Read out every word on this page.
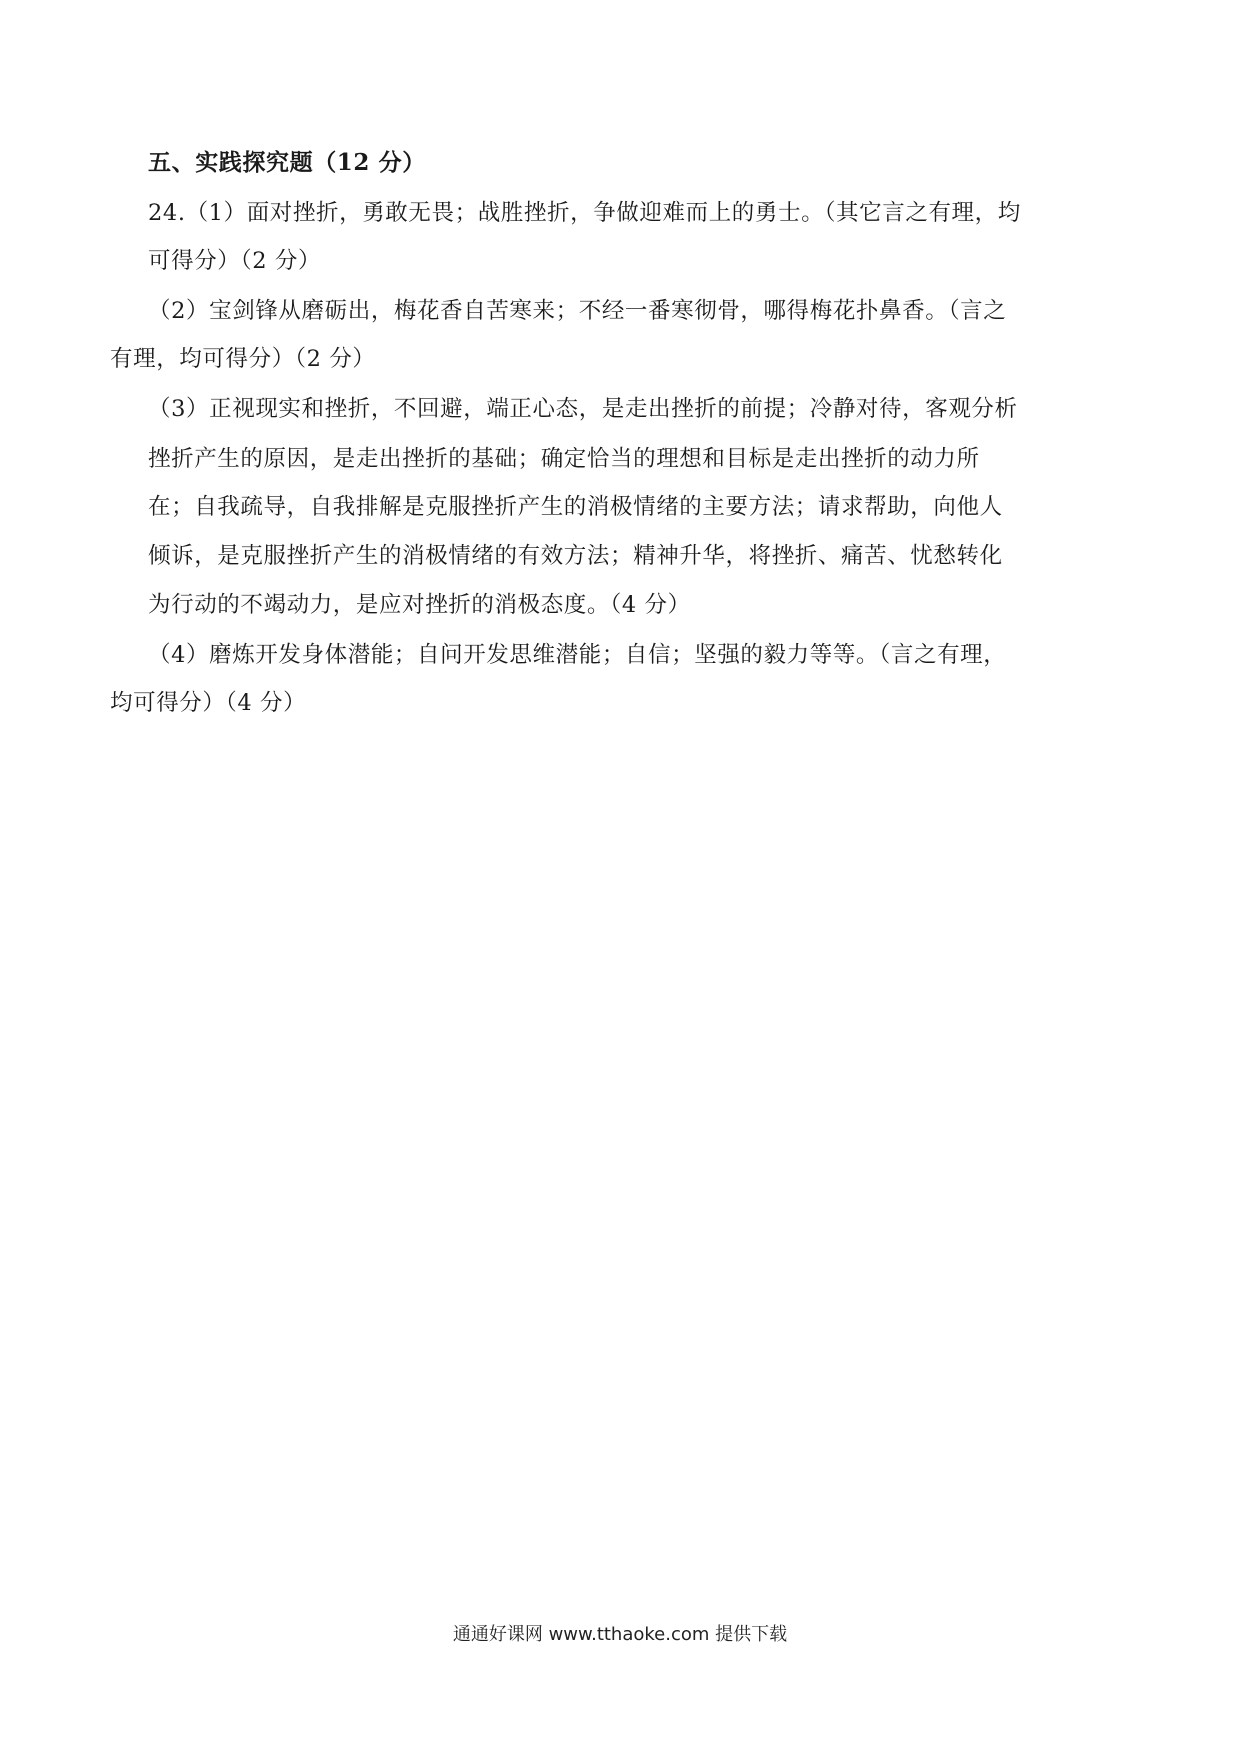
五、实践探究题（12 分）
24.（1）面对挫折，勇敢无畏；战胜挫折，争做迎难而上的勇士。（其它言之有理，均
可得分）（2 分）
（2）宝剑锋从磨砺出，梅花香自苦寒来；不经一番寒彻骨，哪得梅花扑鼻香。（言之
有理，均可得分）（2 分）
（3）正视现实和挫折，不回避，端正心态，是走出挫折的前提；冷静对待，客观分析
挫折产生的原因，是走出挫折的基础；确定恰当的理想和目标是走出挫折的动力所
在；自我疏导，自我排解是克服挫折产生的消极情绪的主要方法；请求帮助，向他人
倾诉，是克服挫折产生的消极情绪的有效方法；精神升华，将挫折、痛苦、忧愁转化
为行动的不竭动力，是应对挫折的消极态度。（4 分）
（4）磨炼开发身体潜能；自问开发思维潜能；自信；坚强的毅力等等。（言之有理，
均可得分）（4 分）
通通好课网 www.tthaoke.com 提供下载
